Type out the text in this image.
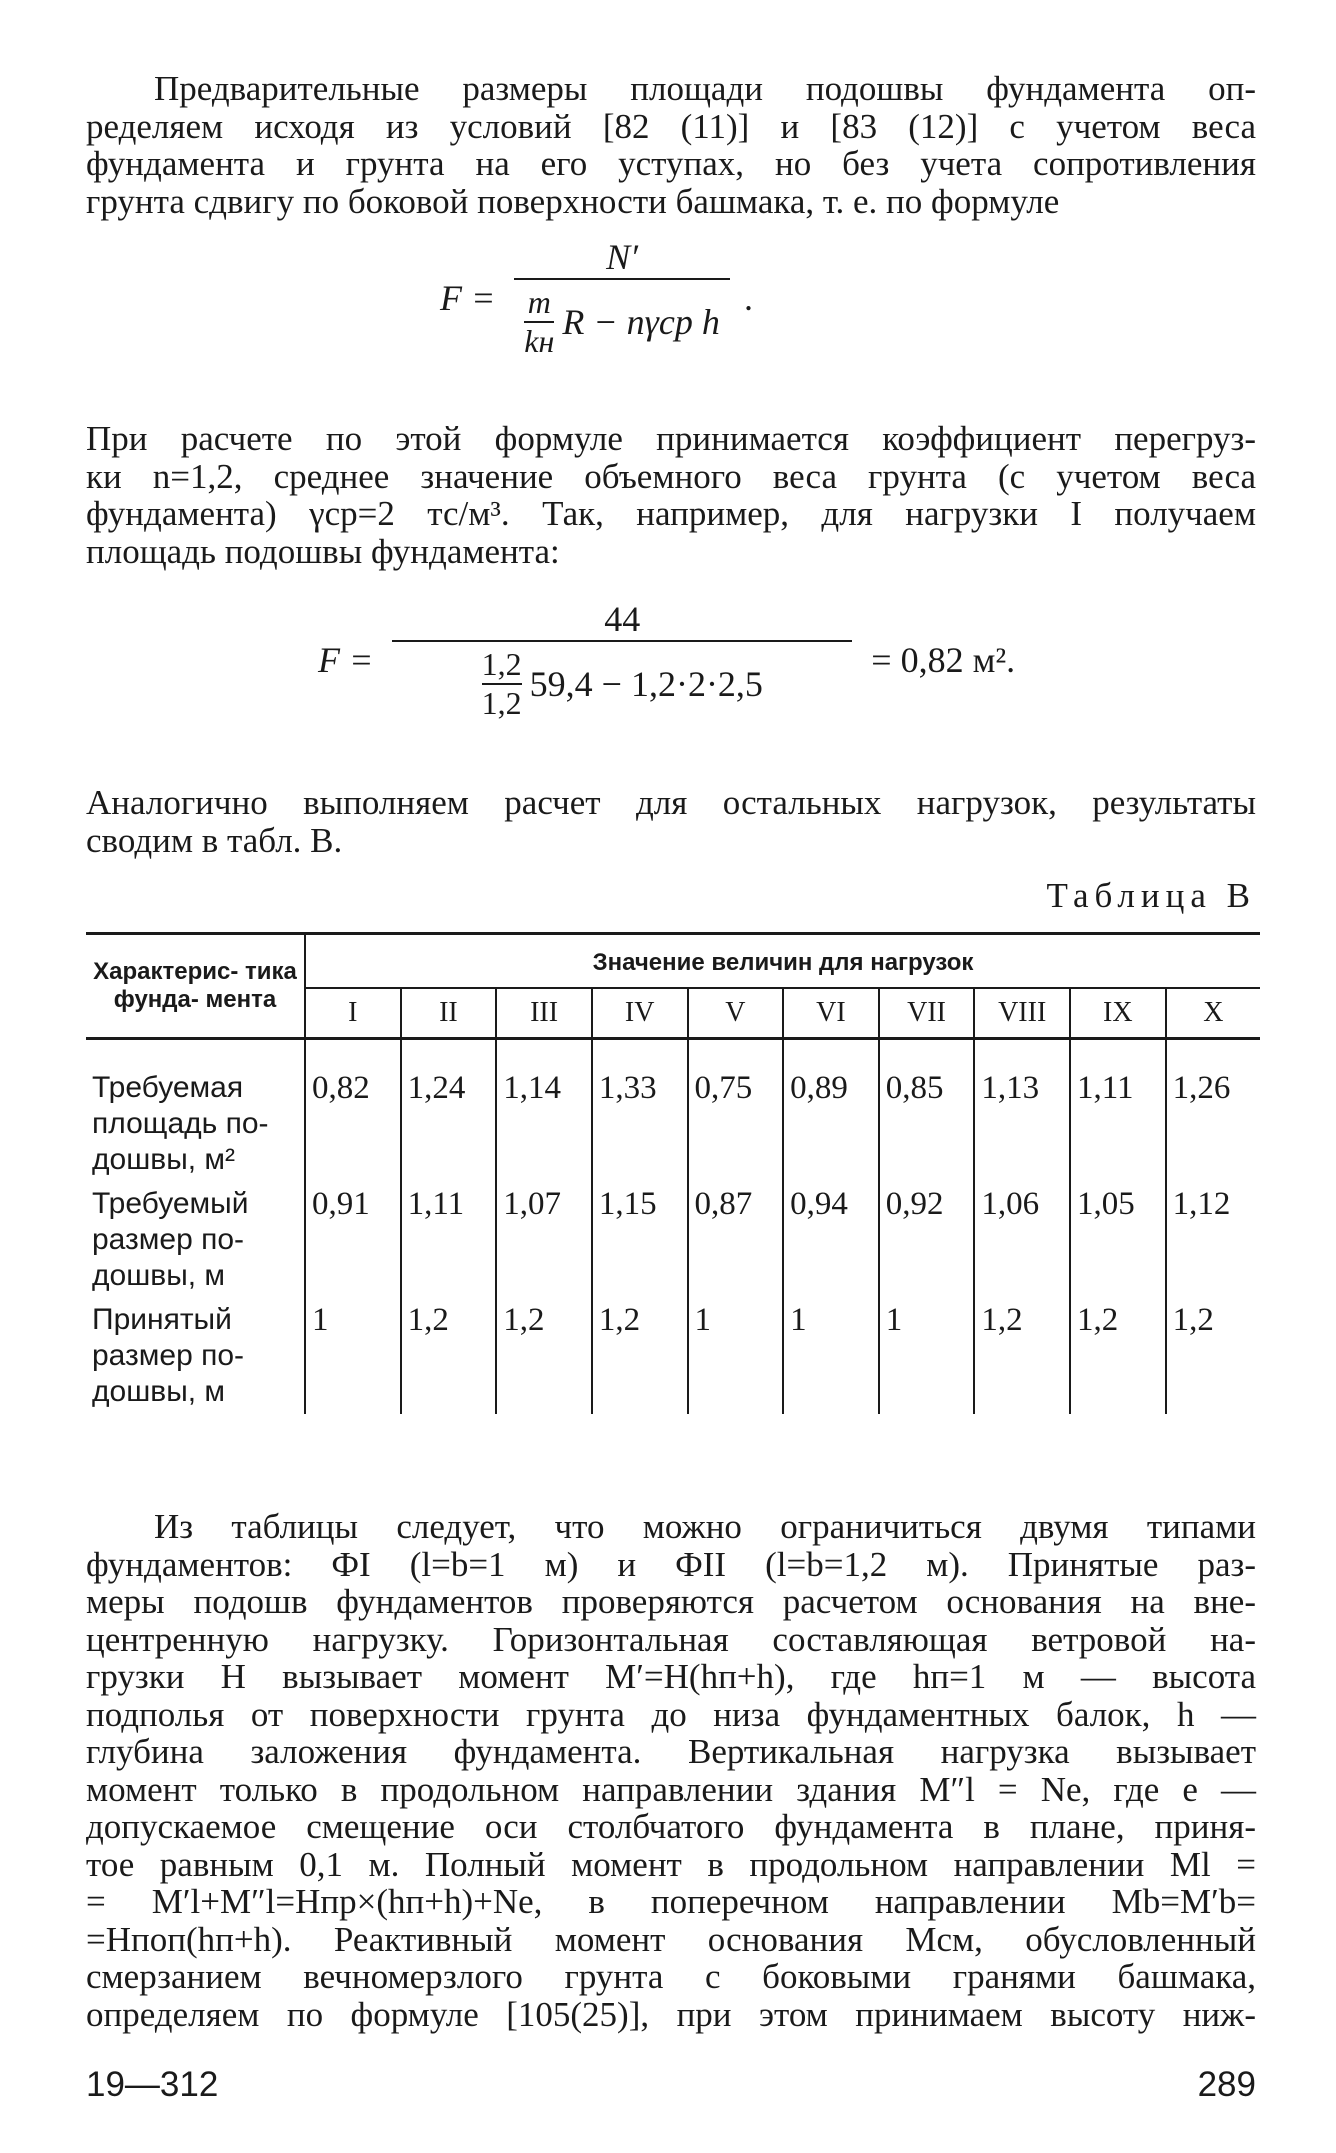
Предварительные размеры площади подошвы фундамента оп-
ределяем исходя из условий [82 (11)] и [83 (12)] с учетом веса
фундамента и грунта на его уступах, но без учета сопротивления
грунта сдвигу по боковой поверхности башмака, т. е. по формуле

F = N′
m
kн R − nγср h .

При расчете по этой формуле принимается коэффициент перегруз-
ки n=1,2, среднее значение объемного веса грунта (с учетом веса
фундамента) γср=2 тс/м³. Так, например, для нагрузки I получаем
площадь подошвы фундамента:

F =
44
1,2
1,2 59,4 − 1,2·2·2,5
= 0,82 м².

Аналогично выполняем расчет для остальных нагрузок, результаты
сводим в табл. В.

Таблица В
Характерис- тика фунда- мента	Значение величин для нагрузок									
	I	II	III	IV	V	VI	VII	VIII	IX	X
Требуемая площадь по- дошвы, м²	0,82	1,24	1,14	1,33	0,75	0,89	0,85	1,13	1,11	1,26
Требуемый размер по- дошвы, м	0,91	1,11	1,07	1,15	0,87	0,94	0,92	1,06	1,05	1,12
Принятый размер по- дошвы, м	1	1,2	1,2	1,2	1	1	1	1,2	1,2	1,2

Из таблицы следует, что можно ограничиться двумя типами
фундаментов: ФI (l=b=1 м) и ФII (l=b=1,2 м). Принятые раз-
меры подошв фундаментов проверяются расчетом основания на вне-
центренную нагрузку. Горизонтальная составляющая ветровой на-
грузки H вызывает момент M′=H(hп+h), где hп=1 м — высота
подполья от поверхности грунта до низа фундаментных балок, h —
глубина заложения фундамента. Вертикальная нагрузка вызывает
момент только в продольном направлении здания M″l = Ne, где e —
допускаемое смещение оси столбчатого фундамента в плане, приня-
тое равным 0,1 м. Полный момент в продольном направлении Ml =
= M′l+M″l=Hпр×(hп+h)+Ne, в поперечном направлении Mb=M′b=
=Hпоп(hп+h). Реактивный момент основания Mсм, обусловленный
смерзанием вечномерзлого грунта с боковыми гранями башмака,
определяем по формуле [105(25)], при этом принимаем высоту ниж-

19—312	289
